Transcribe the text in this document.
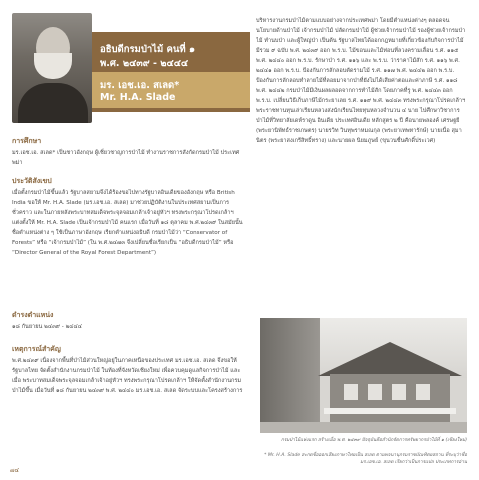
อธิบดีกรมป่าไม้ คนที่ ๑
พ.ศ. ๒๔๓๙ - ๒๔๔๔
มร. เอช.เอ. สเลด*
Mr. H.A. Slade
การศึกษา

มร.เอช.เอ. สเลด* เป็นชาวอังกฤษ ผู้เชี่ยวชาญการป่าไม้ ทำงานราชการสังกัดกรมป่าไม้ ประเทศพม่า

ประวัติสังเขป

เมื่อตั้งกรมป่าไม้ขึ้นแล้ว รัฐบาลสยามจึงได้ร้องขอไปทางรัฐบาลอินเดียของอังกฤษ หรือ British India ขอให้ Mr. H.A. Slade (มร.เอช.เอ. สเลด) มาช่วยปฏิบัติงานในประเทศสยามเป็นการชั่วคราว และในภายหลังพระบาทสมเด็จพระจุลจอมเกล้าเจ้าอยู่หัวฯ ทรงพระกรุณาโปรดเกล้าฯ แต่งตั้งให้ Mr. H.A. Slade เป็นเจ้ากรมป่าไม้ คนแรก เมื่อวันที่ ๑๘ ตุลาคม พ.ศ.๒๔๓๙ ในสมัยนั้นชื่อตำแหน่งต่าง ๆ ใช้เป็นภาษาอังกฤษ เรียกตำแหน่งอธิบดี กรมป่าไม้ว่า “Conservator of Forests” หรือ “เจ้ากรมป่าไม้” (ใน พ.ศ.๒๔๗๓ จึงเปลี่ยนชื่อเรียกเป็น “อธิบดีกรมป่าไม้” หรือ “Director General of the Royal Forest Department”)

ดำรงตำแหน่ง

๑๘ กันยายน ๒๔๓๙ - ๒๔๔๔

เหตุการณ์สำคัญ

พ.ศ.๒๔๓๙ เนื่องจากพื้นที่ป่าไม้ส่วนใหญ่อยู่ในภาคเหนือของประเทศ มร.เอช.เอ. สเลด จึงขอให้รัฐบาลไทย จัดตั้งสำนักงานกรมป่าไม้ ในท้องที่จังหวัดเชียงใหม่ เพื่อควบคุมดูแลกิจการป่าไม้ และเมื่อ พระบาทสมเด็จพระจุลจอมเกล้าเจ้าอยู่หัวฯ ทรงพระกรุณาโปรดเกล้าฯ ให้จัดตั้งสำนักงานกรมป่าไม้ขึ้น เมื่อวันที่ ๑๘ กันยายน ๒๔๓๙ พ.ศ. ๒๔๔๐ มร.เอช.เอ. สเลด จัดระบบและโครงสร้างการ

บริหารงานกรมป่าไม้ตามแบบอย่างจากประเทศพม่า โดยมีตำแหน่งต่างๆ ตลอดจนนโยบายด้านป่าไม้ เจ้ากรมป่าไม้ ปลัดกรมป่าไม้ ผู้ช่วยเจ้ากรมป่าไม้ รองผู้ช่วยเจ้ากรมป่าไม้ ทำนบป่า และผู้ใหญ่ป่า เป็นต้น รัฐบาลไทยได้ออกกฎหมายที่เกี่ยวข้องกับกิจการป่าไม้มีรวม ๙ ฉบับ พ.ศ. ๒๔๓๙ ออก พ.ร.บ. ไม้ขอนและไม้ท่อนที่ลวงครามเลื่อน ร.ศ. ๑๑๕ พ.ศ. ๒๔๔๐ ออก พ.ร.บ. รักษาป่า ร.ศ. ๑๑๖ และ พ.ร.บ. ว่าราคาไม้สัก ร.ศ. ๑๑๖ พ.ศ. ๒๔๔๑ ออก พ.ร.บ. ป้องกันการลักลอบตัดรามไม้ ร.ศ. ๑๑๗ พ.ศ. ๒๔๔๒ ออก พ.ร.บ. ป้องกันการลักลอบทำลายไม้ที่ลอยมาจากป่าที่ยังไม่ได้เสียค่าตอและค่าภาษี ร.ศ. ๑๑๘ พ.ศ. ๒๔๔๒ กรมป่าไม้มีเงินผลผลอดจากการทำไม้สัก โดยภาคที่รู พ.ศ. ๒๔๔๓ ออก พ.ร.บ. เปลี่ยนวิธีเก็บภาษีไม้กระยาเลย ร.ศ. ๑๑๙ พ.ศ. ๒๔๔๓ ทรงพระกรุณาโปรดเกล้าฯ พระราชทานทุนเล่าเรียนหลวงส่งนักเรียนไทยทุนหลวงจำนวน ๔ นาย ไปศึกษาวิชาการป่าไม้ที่วิทยาลัยเดห์ราดูน อินเดีย ประเทศอินเดีย หลักสูตร ๒ ปี คือนายพลองค์ เศรษฐยี (พระยานิพัทธ์ราชเกษตร) นายรวิท วินทุพราหมณกุล (พระยาเทพทารักษ์) นายเนื่อ สุมานิตร (พระยาสงเกรีสิทธิ์ทราง) และนายผล นิยมภูษย์ (ขุนวนชื่นศักดิ์ประเวศ)

กรมป่าไม้แห่งแรก สร้างเมื่อ พ.ศ. ๒๔๓๙ ปัจจุบันคือสำนักจัดการทรัพยากรป่าไม้ที่ ๑ (เชียงใหม่)
* Mr. H.A. Slade สะกดชื่อออกเสียงภาษาไทยเป็น สเลด ตามพจนานุกรมราชบัณฑิตยสถาน ที่ระบุว่าชื่อ มร.เอช.เอ. สเลด เรียกว่าเป็นการแปล ประเภทการอ่าน
๗๔
